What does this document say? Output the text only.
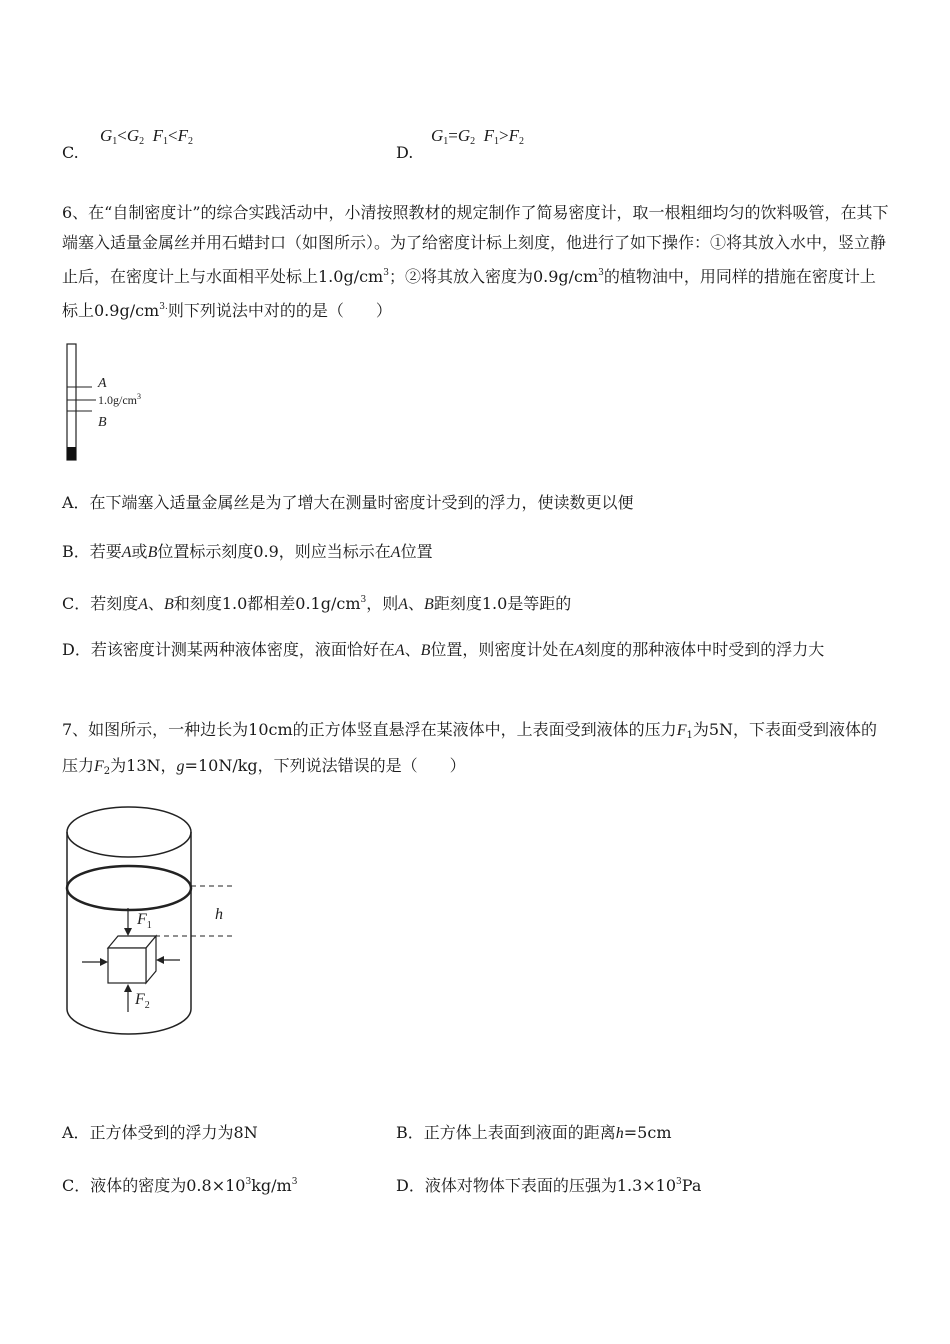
C.
$G_1<G_2$ $F_1<F_2$
D.
$G_1=G_2$ $F_1>F_2$
6、在“自制密度计”的综合实践活动中，小清按照教材的规定制作了简易密度计，取一根粗细均匀的饮料吸管，在其下端塞入适量金属丝并用石蜡封口（如图所示）。为了给密度计标上刻度，他进行了如下操作：①将其放入水中，竖立静止后，在密度计上与水面相平处标上$1.0g/cm^3$；②将其放入密度为$0.9g/cm^3$的植物油中，用同样的措施在密度计上标上$0.9g/cm^{3.}$则下列说法中对的的是（　　）
A
$1.0g/cm^3$
B
A．在下端塞入适量金属丝是为了增大在测量时密度计受到的浮力，使读数更以便
B．若要A或B位置标示刻度0.9，则应当标示在A位置
C．若刻度A、B和刻度1.0都相差$0.1g/cm^3$，则A、B距刻度1.0是等距的
D．若该密度计测某两种液体密度，液面恰好在A、B位置，则密度计处在A刻度的那种液体中时受到的浮力大
7、如图所示，一种边长为10cm的正方体竖直悬浮在某液体中，上表面受到液体的压力$F_1$为5N，下表面受到液体的压力$F_2$为13N，g=10N/kg，下列说法错误的是（　　）
h
$F_1$
$F_2$
A．正方体受到的浮力为8N	B．正方体上表面到液面的距离h=5cm
C．液体的密度为$0.8\times 10^3kg/m^3$	D．液体对物体下表面的压强为$1.3\times 10^3Pa$
